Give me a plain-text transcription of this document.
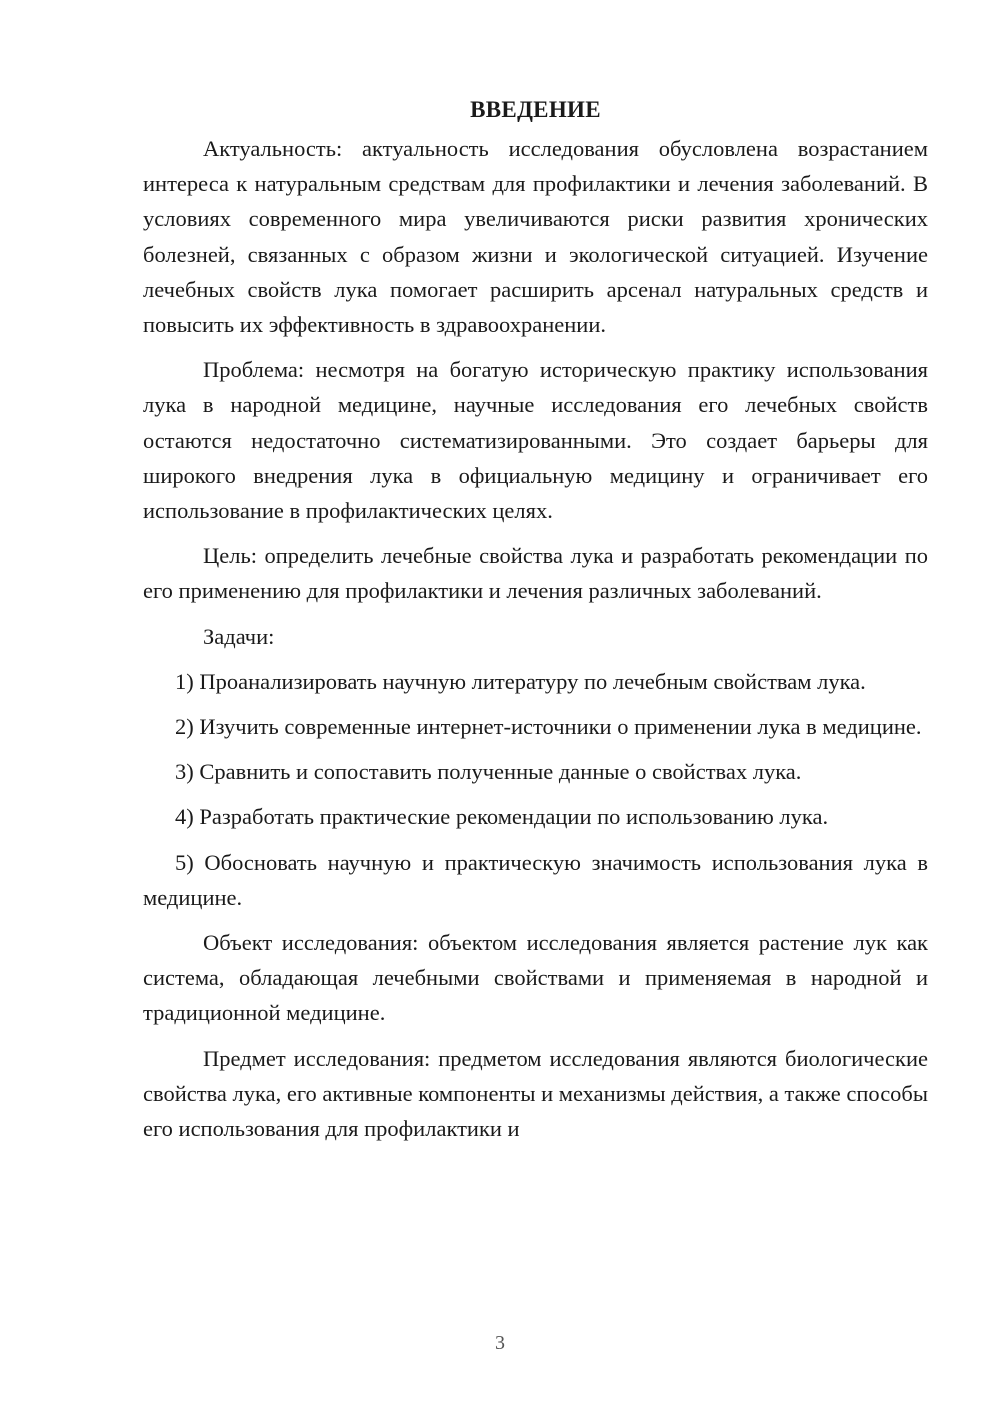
ВВЕДЕНИЕ

Актуальность: актуальность исследования обусловлена возрастанием интереса к натуральным средствам для профилактики и лечения заболеваний. В условиях современного мира увеличиваются риски развития хронических болезней, связанных с образом жизни и экологической ситуацией. Изучение лечебных свойств лука помогает расширить арсенал натуральных средств и повысить их эффективность в здравоохранении.

Проблема: несмотря на богатую историческую практику использования лука в народной медицине, научные исследования его лечебных свойств остаются недостаточно систематизированными. Это создает барьеры для широкого внедрения лука в официальную медицину и ограничивает его использование в профилактических целях.

Цель: определить лечебные свойства лука и разработать рекомендации по его применению для профилактики и лечения различных заболеваний.

Задачи:

1) Проанализировать научную литературу по лечебным свойствам лука.

2) Изучить современные интернет-источники о применении лука в медицине.

3) Сравнить и сопоставить полученные данные о свойствах лука.

4) Разработать практические рекомендации по использованию лука.

5) Обосновать научную и практическую значимость использования лука в медицине.

Объект исследования: объектом исследования является растение лук как система, обладающая лечебными свойствами и применяемая в народной и традиционной медицине.

Предмет исследования: предметом исследования являются биологические свойства лука, его активные компоненты и механизмы действия, а также способы его использования для профилактики и

3
